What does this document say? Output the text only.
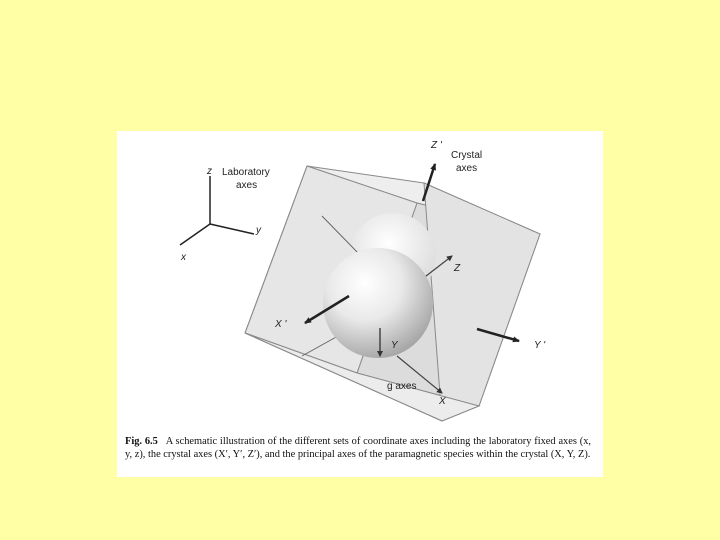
z Laboratory
axes
y
x
Z '
Crystal
axes
X '
Y '
Z
Y
g axes
X
Fig. 6.5 A schematic illustration of the different sets of coordinate axes including the laboratory fixed axes (x, y, z), the crystal axes (X′, Y′, Z′), and the principal axes of the paramagnetic species within the crystal (X, Y, Z).
